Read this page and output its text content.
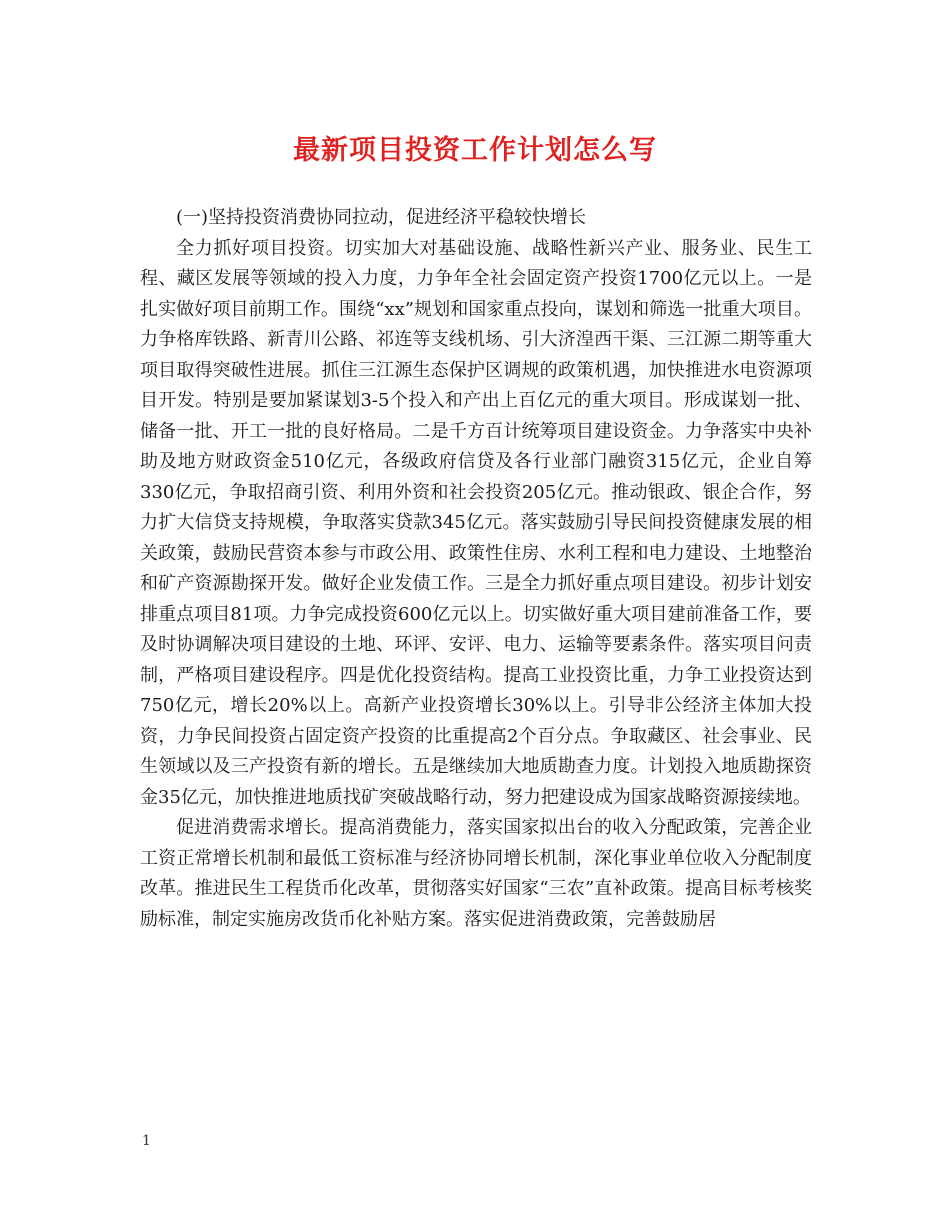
最新项目投资工作计划怎么写

(一)坚持投资消费协同拉动，促进经济平稳较快增长

全力抓好项目投资。切实加大对基础设施、战略性新兴产业、服务业、民生工程、藏区发展等领域的投入力度，力争年全社会固定资产投资1700亿元以上。一是扎实做好项目前期工作。围绕“xx”规划和国家重点投向，谋划和筛选一批重大项目。力争格库铁路、新青川公路、祁连等支线机场、引大济湟西干渠、三江源二期等重大项目取得突破性进展。抓住三江源生态保护区调规的政策机遇，加快推进水电资源项目开发。特别是要加紧谋划3-5个投入和产出上百亿元的重大项目。形成谋划一批、储备一批、开工一批的良好格局。二是千方百计统筹项目建设资金。力争落实中央补助及地方财政资金510亿元，各级政府信贷及各行业部门融资315亿元，企业自筹330亿元，争取招商引资、利用外资和社会投资205亿元。推动银政、银企合作，努力扩大信贷支持规模，争取落实贷款345亿元。落实鼓励引导民间投资健康发展的相关政策，鼓励民营资本参与市政公用、政策性住房、水利工程和电力建设、土地整治和矿产资源勘探开发。做好企业发债工作。三是全力抓好重点项目建设。初步计划安排重点项目81项。力争完成投资600亿元以上。切实做好重大项目建前准备工作，要及时协调解决项目建设的土地、环评、安评、电力、运输等要素条件。落实项目问责制，严格项目建设程序。四是优化投资结构。提高工业投资比重，力争工业投资达到750亿元，增长20%以上。高新产业投资增长30%以上。引导非公经济主体加大投资，力争民间投资占固定资产投资的比重提高2个百分点。争取藏区、社会事业、民生领域以及三产投资有新的增长。五是继续加大地质勘查力度。计划投入地质勘探资金35亿元，加快推进地质找矿突破战略行动，努力把建设成为国家战略资源接续地。

促进消费需求增长。提高消费能力，落实国家拟出台的收入分配政策，完善企业工资正常增长机制和最低工资标准与经济协同增长机制，深化事业单位收入分配制度改革。推进民生工程货币化改革，贯彻落实好国家“三农”直补政策。提高目标考核奖励标准，制定实施房改货币化补贴方案。落实促进消费政策，完善鼓励居

1
